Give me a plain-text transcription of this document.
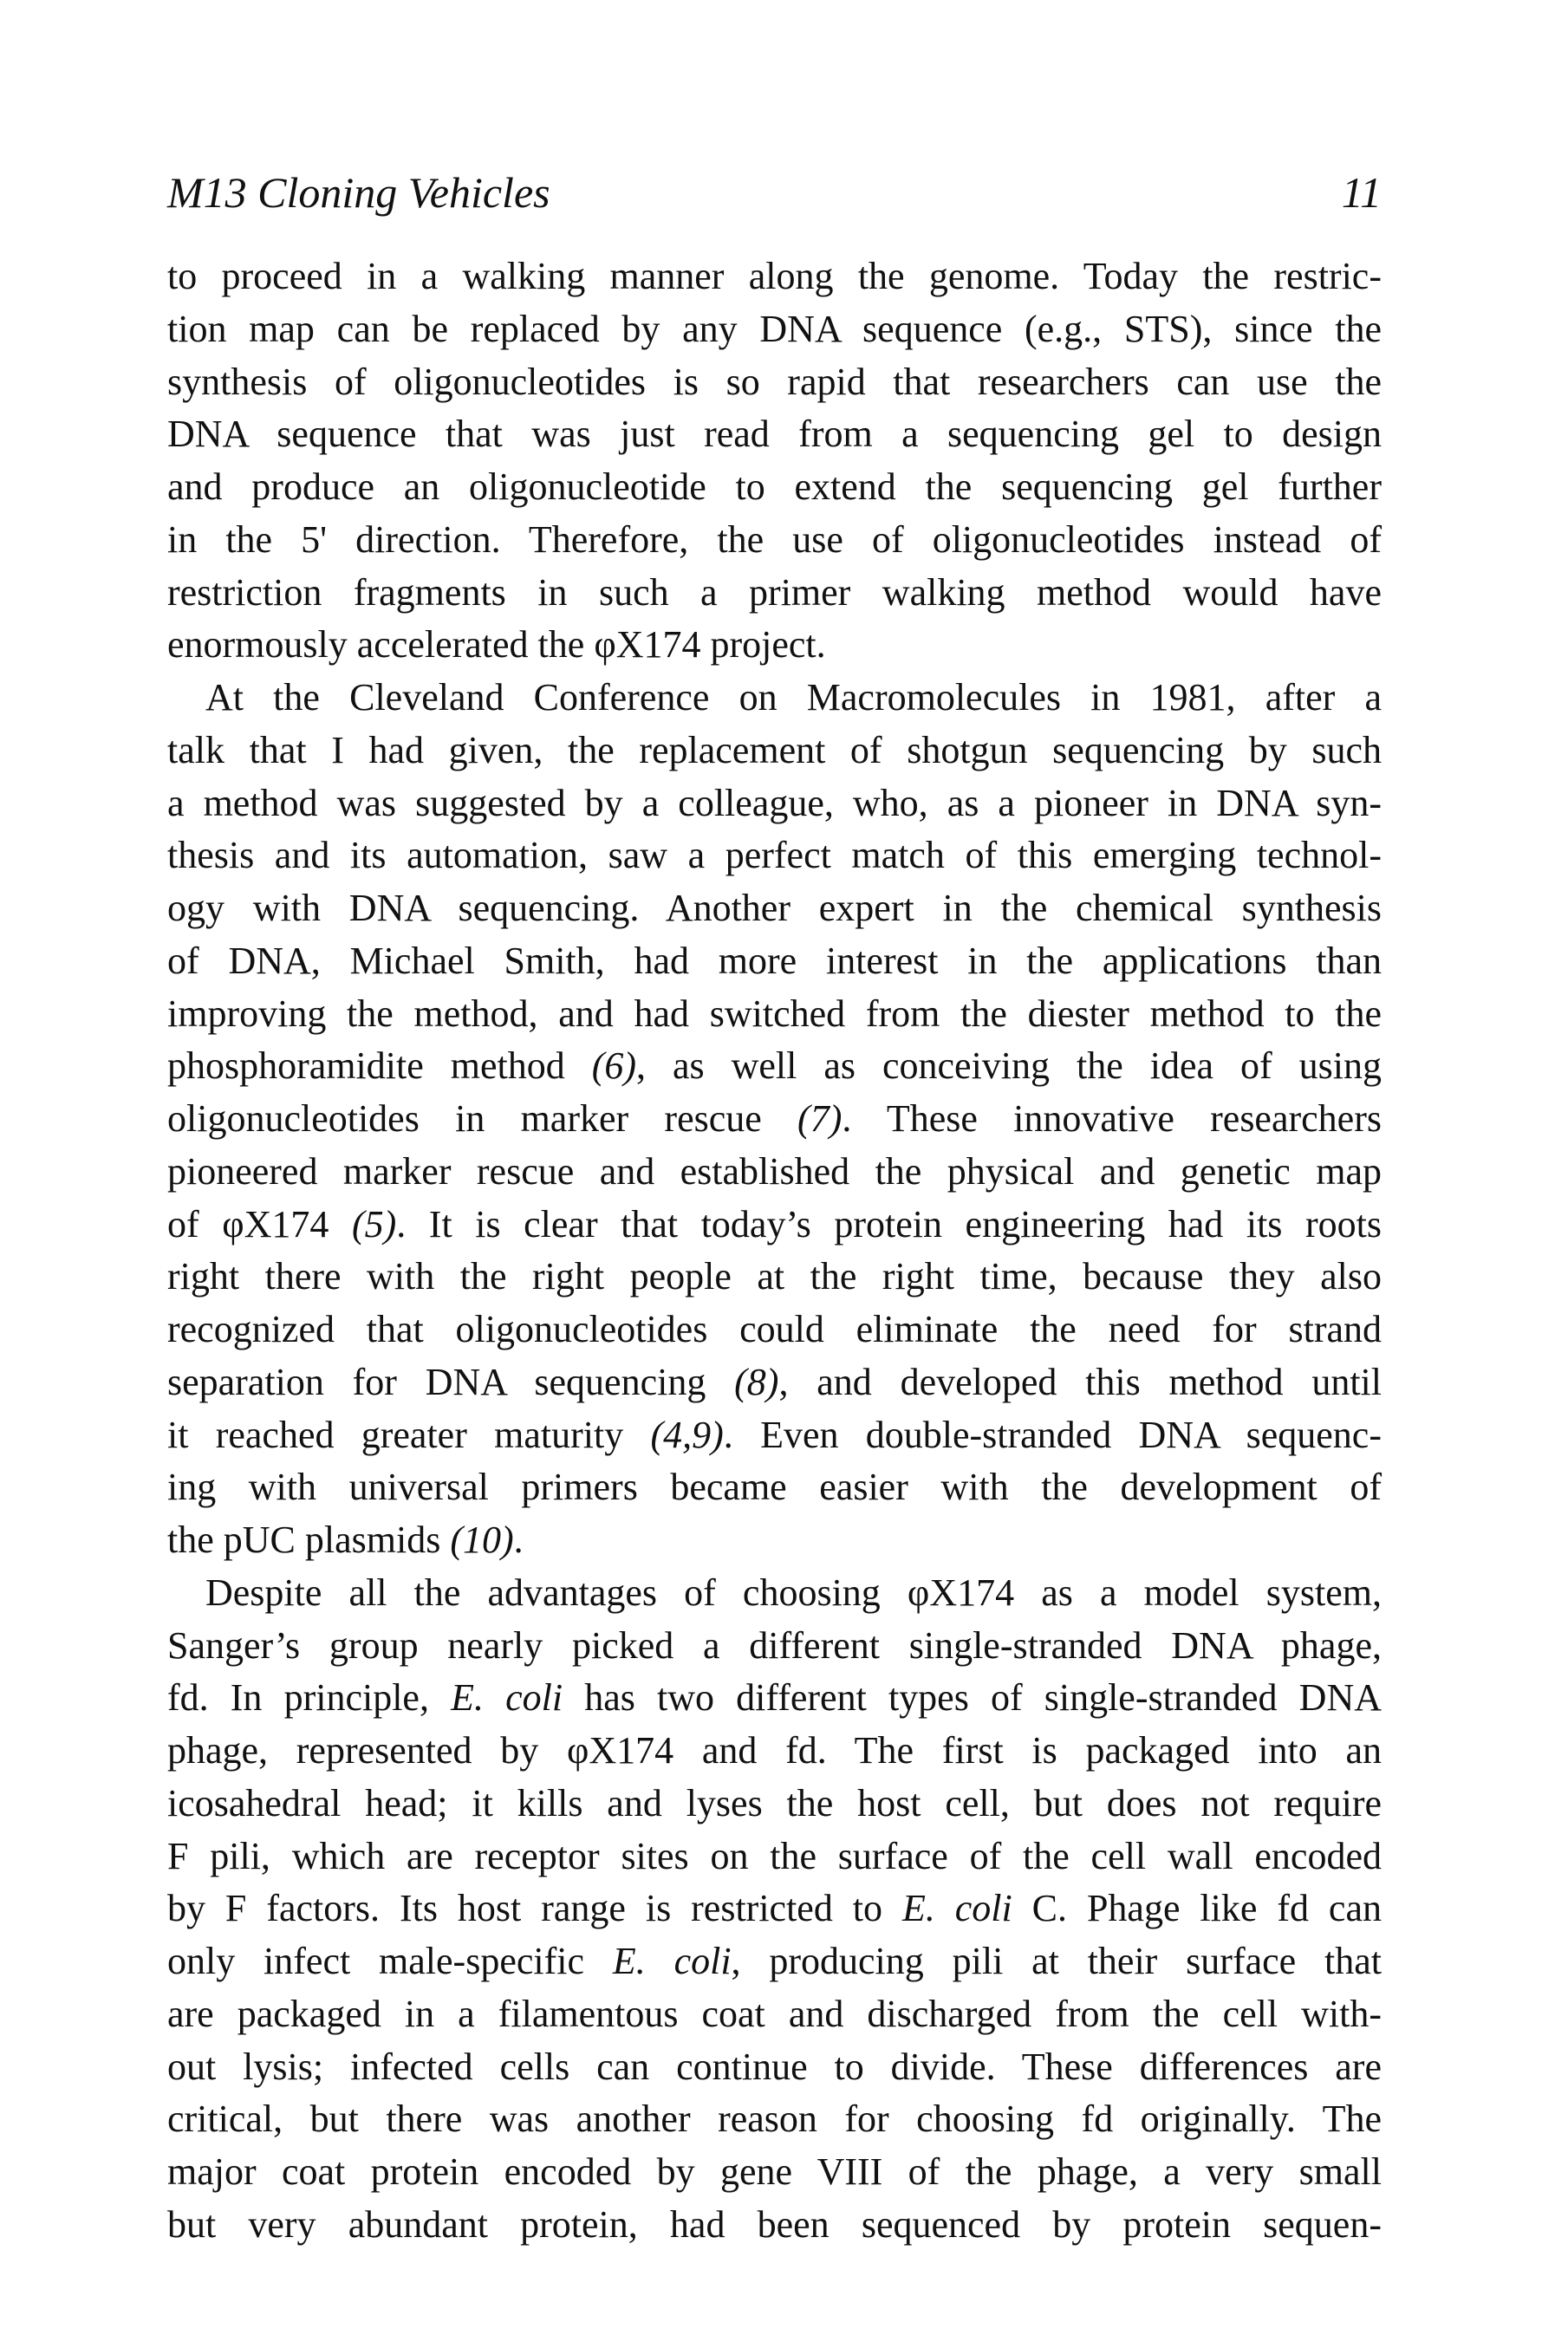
M13 Cloning Vehicles	11
to proceed in a walking manner along the genome. Today the restric-
tion map can be replaced by any DNA sequence (e.g., STS), since the
synthesis of oligonucleotides is so rapid that researchers can use the
DNA sequence that was just read from a sequencing gel to design
and produce an oligonucleotide to extend the sequencing gel further
in the 5' direction. Therefore, the use of oligonucleotides instead of
restriction fragments in such a primer walking method would have
enormously accelerated the φX174 project.
At the Cleveland Conference on Macromolecules in 1981, after a
talk that I had given, the replacement of shotgun sequencing by such
a method was suggested by a colleague, who, as a pioneer in DNA syn-
thesis and its automation, saw a perfect match of this emerging technol-
ogy with DNA sequencing. Another expert in the chemical synthesis
of DNA, Michael Smith, had more interest in the applications than
improving the method, and had switched from the diester method to the
phosphoramidite method (6), as well as conceiving the idea of using
oligonucleotides in marker rescue (7). These innovative researchers
pioneered marker rescue and established the physical and genetic map
of φX174 (5). It is clear that today’s protein engineering had its roots
right there with the right people at the right time, because they also
recognized that oligonucleotides could eliminate the need for strand
separation for DNA sequencing (8), and developed this method until
it reached greater maturity (4,9). Even double-stranded DNA sequenc-
ing with universal primers became easier with the development of
the pUC plasmids (10).
Despite all the advantages of choosing φX174 as a model system,
Sanger’s group nearly picked a different single-stranded DNA phage,
fd. In principle, E. coli has two different types of single-stranded DNA
phage, represented by φX174 and fd. The first is packaged into an
icosahedral head; it kills and lyses the host cell, but does not require
F pili, which are receptor sites on the surface of the cell wall encoded
by F factors. Its host range is restricted to E. coli C. Phage like fd can
only infect male-specific E. coli, producing pili at their surface that
are packaged in a filamentous coat and discharged from the cell with-
out lysis; infected cells can continue to divide. These differences are
critical, but there was another reason for choosing fd originally. The
major coat protein encoded by gene VIII of the phage, a very small
but very abundant protein, had been sequenced by protein sequen-
